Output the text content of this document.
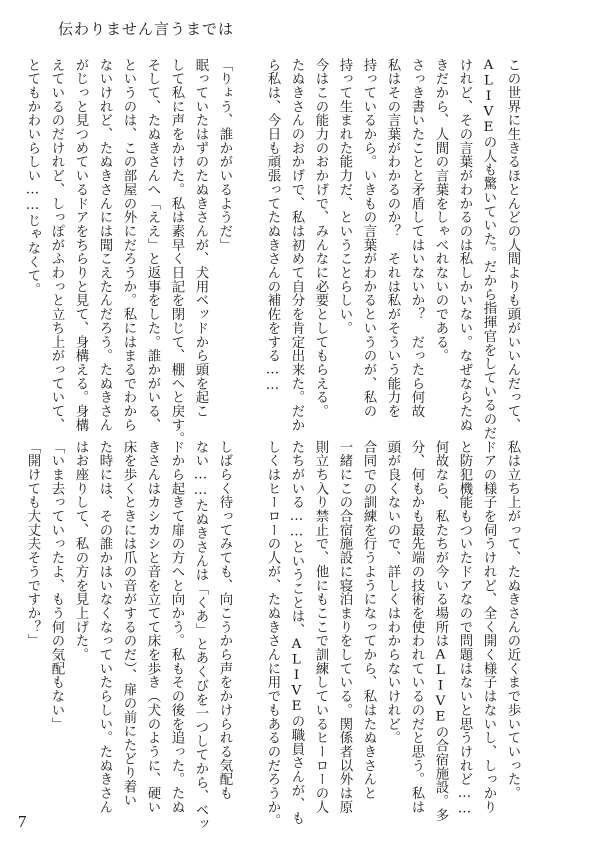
伝わりません言うまでは

この世界に生きるほとんどの人間よりも頭がいいんだって、

ALIVEの人も驚いていた。だから指揮官をしているのだ

けれど、その言葉がわかるのは私しかいない。なぜならたぬ

きだから、人間の言葉をしゃべれないのである。

さっき書いたことと矛盾してはいないか？　だったら何故

私はその言葉がわかるのか？　それは私がそういう能力を

持っているから。いきもの言葉がわかるというのが、私の

持って生まれた能力だ、ということらしい。

今はこの能力のおかげで、みんなに必要としてもらえる。

たぬきさんのおかげで、私は初めて自分を肯定出来た。だか

ら私は、今日も頑張ってたぬきさんの補佐をする……

「りょう、誰かがいるようだ」

眠っていたはずのたぬきさんが、犬用ベッドから頭を起こ

して私に声をかけた。私は素早く日記を閉じて、棚へと戻す。

そして、たぬきさんへ「ええ」と返事をした。誰かがいる、

というのは、この部屋の外にだろうか。私にはまるでわから

ないけれど、たぬきさんには聞こえたんだろう。たぬきさん

がじっと見つめているドアをちらりと見て、身構える。身構

えているのだけれど、しっぽがふわっと立ち上がっていて、

とてもかわいらしい……じゃなくて。

私は立ち上がって、たぬきさんの近くまで歩いていった。

ドアの様子を伺うけれど、全く開く様子はないし、しっかり

と防犯機能もついたドアなので問題はないと思うけれど……

何故なら、私たちが今いる場所はALIVEの合宿施設。多

分、何もかも最先端の技術を使われているのだと思う。私は

頭が良くないので、詳しくはわからないけれど。

合同での訓練を行うようになってから、私はたぬきさんと

一緒にこの合宿施設に寝泊まりをしている。関係者以外は原

則立ち入り禁止で、他にもここで訓練しているヒーローの人

たちがいる……ということは、ALIVEの職員さんが、も

しくはヒーローの人が、たぬきさんに用でもあるのだろうか。

しばらく待ってみても、向こうから声をかけられる気配も

ない……たぬきさんは「くあ」とあくびを一つしてから、ベッ

ドから起きて扉の方へと向かう。私もその後を追った。たぬ

きさんはカシカシと音を立てて床を歩き（犬のように、硬い

床を歩くときには爪の音がするのだ）、扉の前にたどり着い

た時には、その誰かはいなくなっていたらしい。たぬきさん

はお座りして、私の方を見上げた。

「いま去っていったよ、もう何の気配もない」

「開けても大丈夫そうですか？」

7
